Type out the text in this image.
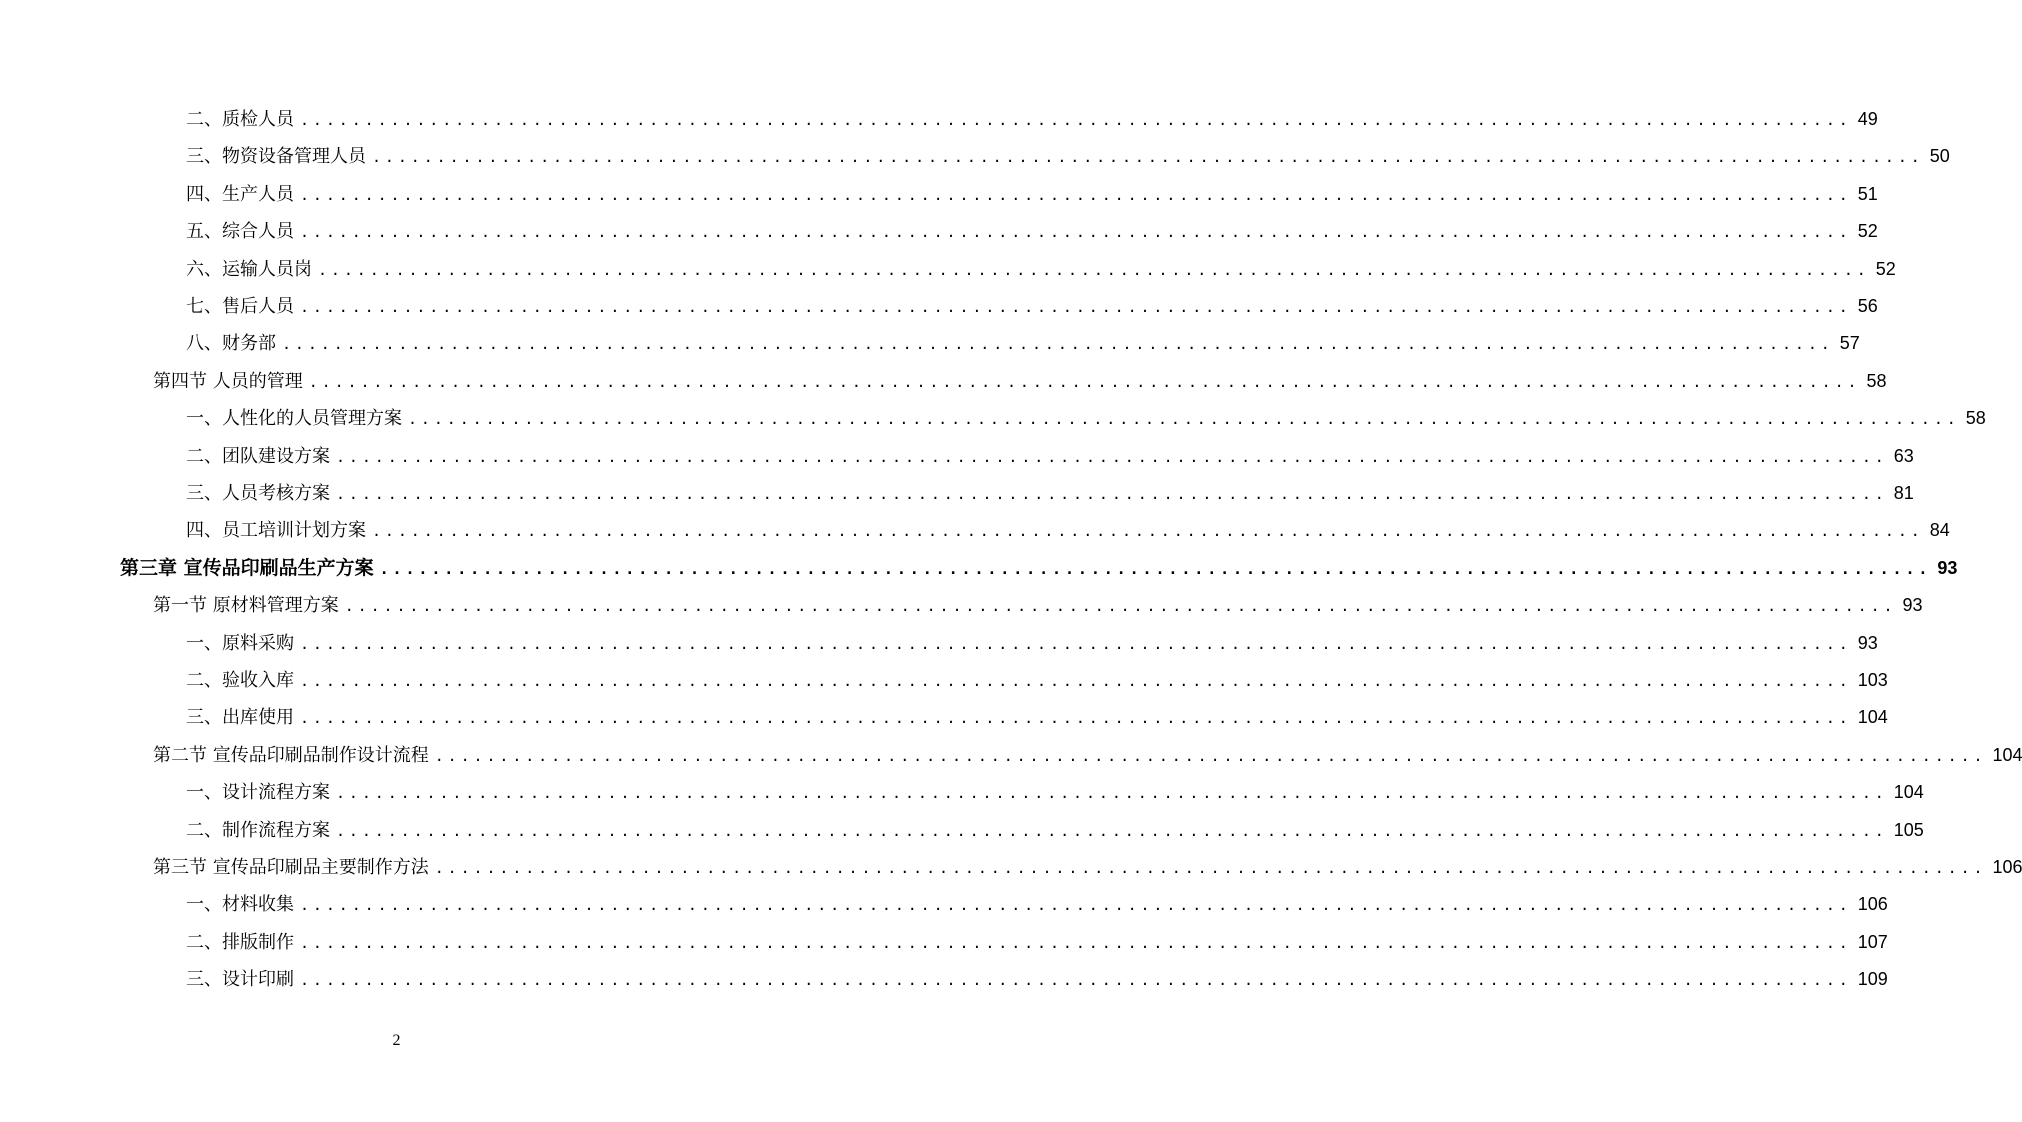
二、质检人员 ........................................................................................................................ 49
三、物资设备管理人员 ........................................................................................................................ 50
四、生产人员 ........................................................................................................................ 51
五、综合人员 ........................................................................................................................ 52
六、运输人员岗 ........................................................................................................................ 52
七、售后人员 ........................................................................................................................ 56
八、财务部 ........................................................................................................................ 57
第四节 人员的管理 ........................................................................................................................ 58
一、人性化的人员管理方案 ........................................................................................................................ 58
二、团队建设方案 ........................................................................................................................ 63
三、人员考核方案 ........................................................................................................................ 81
四、员工培训计划方案 ........................................................................................................................ 84
第三章 宣传品印刷品生产方案 ........................................................................................................................ 93
第一节 原材料管理方案 ........................................................................................................................ 93
一、原料采购 ........................................................................................................................ 93
二、验收入库 ........................................................................................................................ 103
三、出库使用 ........................................................................................................................ 104
第二节 宣传品印刷品制作设计流程 ........................................................................................................................ 104
一、设计流程方案 ........................................................................................................................ 104
二、制作流程方案 ........................................................................................................................ 105
第三节 宣传品印刷品主要制作方法 ........................................................................................................................ 106
一、材料收集 ........................................................................................................................ 106
二、排版制作 ........................................................................................................................ 107
三、设计印刷 ........................................................................................................................ 109
2
